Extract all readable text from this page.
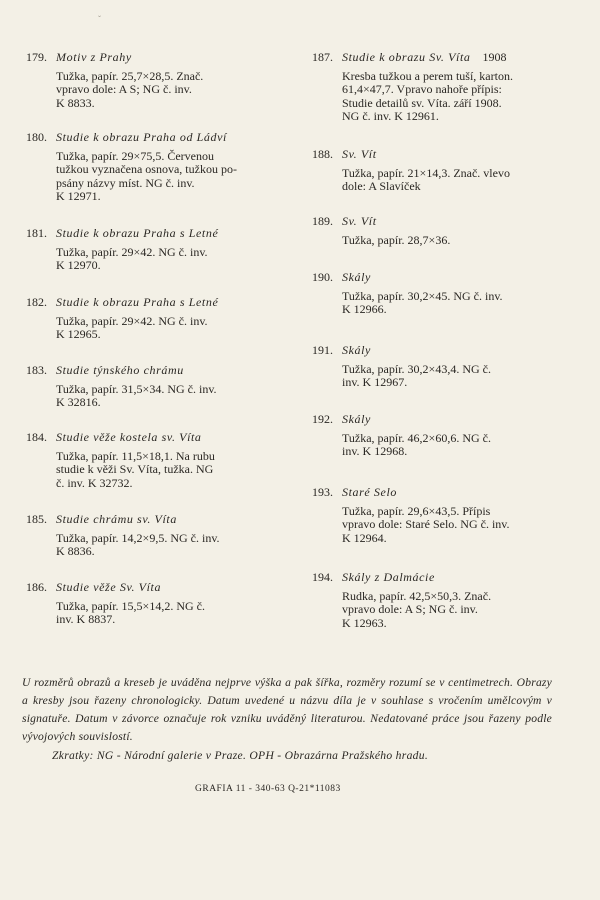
ˇ
179. Motiv z Prahy
Tužka, papír. 25,7×28,5. Znač.
vpravo dole: A S; NG č. inv.
K 8833.
180. Studie k obrazu Praha od Ládví
Tužka, papír. 29×75,5. Červenou
tužkou vyznačena osnova, tužkou po-
psány názvy míst. NG č. inv.
K 12971.
181. Studie k obrazu Praha s Letné
Tužka, papír. 29×42. NG č. inv.
K 12970.
182. Studie k obrazu Praha s Letné
Tužka, papír. 29×42. NG č. inv.
K 12965.
183. Studie týnského chrámu
Tužka, papír. 31,5×34. NG č. inv.
K 32816.
184. Studie věže kostela sv. Víta
Tužka, papír. 11,5×18,1. Na rubu
studie k věži Sv. Víta, tužka. NG
č. inv. K 32732.
185. Studie chrámu sv. Víta
Tužka, papír. 14,2×9,5. NG č. inv.
K 8836.
186. Studie věže Sv. Víta
Tužka, papír. 15,5×14,2. NG č.
inv. K 8837.
187. Studie k obrazu Sv. Víta 1908
Kresba tužkou a perem tuší, karton.
61,4×47,7. Vpravo nahoře přípis:
Studie detailů sv. Víta. září 1908.
NG č. inv. K 12961.
188. Sv. Vít
Tužka, papír. 21×14,3. Znač. vlevo
dole: A Slavíček
189. Sv. Vít
Tužka, papír. 28,7×36.
190. Skály
Tužka, papír. 30,2×45. NG č. inv.
K 12966.
191. Skály
Tužka, papír. 30,2×43,4. NG č.
inv. K 12967.
192. Skály
Tužka, papír. 46,2×60,6. NG č.
inv. K 12968.
193. Staré Selo
Tužka, papír. 29,6×43,5. Přípis
vpravo dole: Staré Selo. NG č. inv.
K 12964.
194. Skály z Dalmácie
Rudka, papír. 42,5×50,3. Znač.
vpravo dole: A S; NG č. inv.
K 12963.
U rozměrů obrazů a kreseb je uváděna nejprve výška a pak šířka, rozměry rozumí se v centimetrech. Obrazy a kresby jsou řazeny chronologicky. Datum uvedené u názvu díla je v souhlase s vročením umělcovým v signatuře. Datum v závorce označuje rok vzniku uváděný literaturou. Nedatované práce jsou řazeny podle vývojových souvislostí.
Zkratky: NG - Národní galerie v Praze. OPH - Obrazárna Pražského hradu.
GRAFIA 11 - 340-63 Q-21*11083
